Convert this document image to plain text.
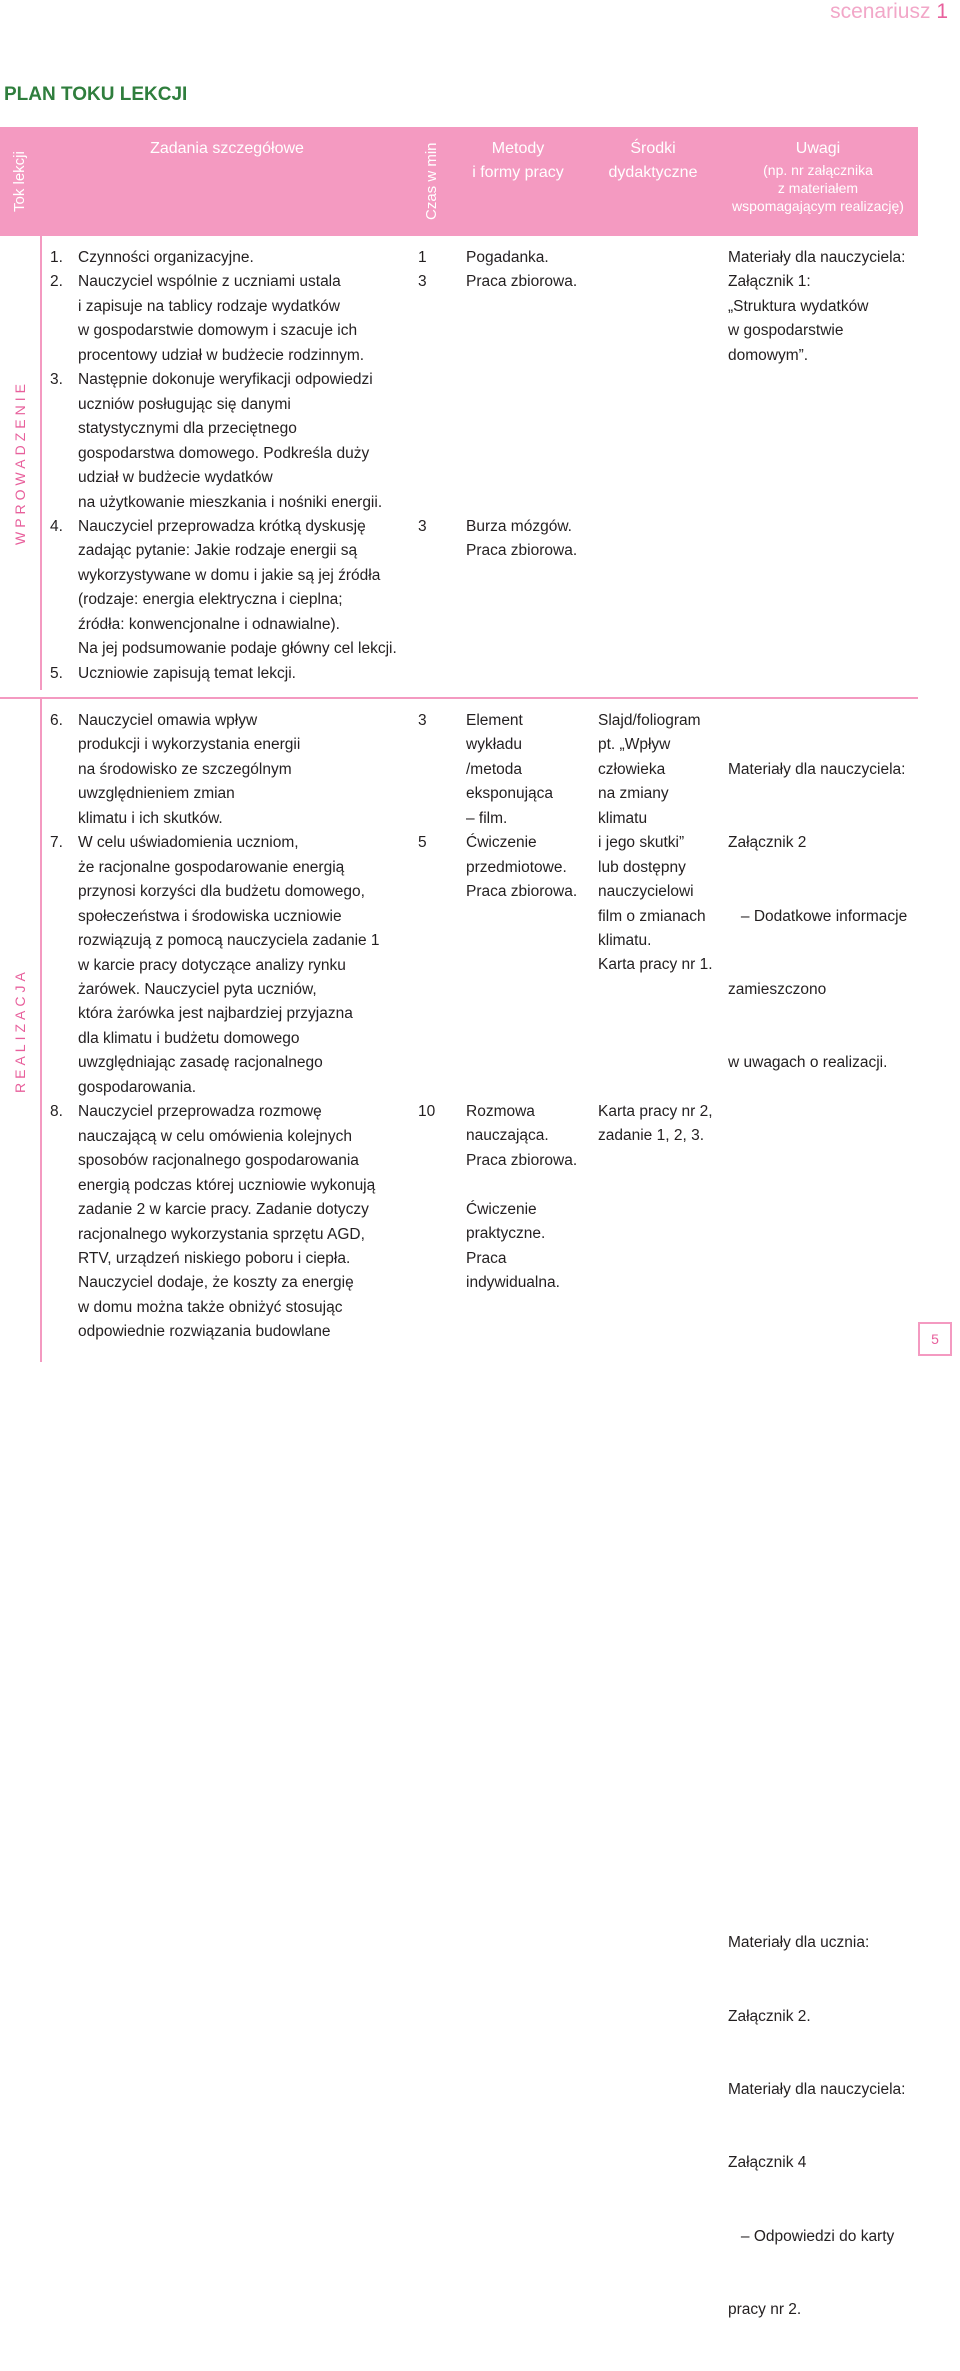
scenariusz 1
PLAN TOKU LEKCJI
Tok lekcji
Zadania szczegółowe	Czas w min	Metody
i formy pracy
Środki
dydaktyczne
Uwagi
(np. nr załącznika
z materiałem
wspomagającym realizację)
WPROWADZENIE
1. Czynności organizacyjne.
2. Nauczyciel wspólnie z uczniami ustala
i zapisuje na tablicy rodzaje wydatków
w gospodarstwie domowym i szacuje ich
procentowy udział w budżecie rodzinnym.
3. Następnie dokonuje weryfikacji odpowiedzi
uczniów posługując się danymi
statystycznymi dla przeciętnego
gospodarstwa domowego. Podkreśla duży
udział w budżecie wydatków
na użytkowanie mieszkania i nośniki energii.
4. Nauczyciel przeprowadza krótką dyskusję
zadając pytanie: Jakie rodzaje energii są
wykorzystywane w domu i jakie są jej źródła
(rodzaje: energia elektryczna i cieplna;
źródła: konwencjonalne i odnawialne).
Na jej podsumowanie podaje główny cel lekcji.
5. Uczniowie zapisują temat lekcji.
1
3
3
Pogadanka.
Praca zbiorowa.
Burza mózgów.
Praca zbiorowa.
Materiały dla nauczyciela:
Załącznik 1:
„Struktura wydatków
w gospodarstwie
domowym”.
REALIZACJA
6. Nauczyciel omawia wpływ
produkcji i wykorzystania energii
na środowisko ze szczególnym
uwzględnieniem zmian
klimatu i ich skutków.
7. W celu uświadomienia uczniom,
że racjonalne gospodarowanie energią
przynosi korzyści dla budżetu domowego,
społeczeństwa i środowiska uczniowie
rozwiązują z pomocą nauczyciela zadanie 1
w karcie pracy dotyczące analizy rynku
żarówek. Nauczyciel pyta uczniów,
która żarówka jest najbardziej przyjazna
dla klimatu i budżetu domowego
uwzględniając zasadę racjonalnego
gospodarowania.
8. Nauczyciel przeprowadza rozmowę
nauczającą w celu omówienia kolejnych
sposobów racjonalnego gospodarowania
energią podczas której uczniowie wykonują
zadanie 2 w karcie pracy. Zadanie dotyczy
racjonalnego wykorzystania sprzętu AGD,
RTV, urządzeń niskiego poboru i ciepła.
Nauczyciel dodaje, że koszty za energię
w domu można także obniżyć stosując
odpowiednie rozwiązania budowlane
3
5
10
Element
wykładu
/metoda
eksponująca
– film.
Ćwiczenie
przedmiotowe.
Praca zbiorowa.
Rozmowa
nauczająca.
Praca zbiorowa.
Ćwiczenie
praktyczne.
Praca
indywidualna.
Slajd/foliogram
pt. „Wpływ
człowieka
na zmiany
klimatu
i jego skutki”
lub dostępny
nauczycielowi
film o zmianach
klimatu.
Karta pracy nr 1.
Karta pracy nr 2,
zadanie 1, 2, 3.

Materiały dla nauczyciela:

Załącznik 2

– Dodatkowe informacje

zamieszczono

w uwagach o realizacji.

Materiały dla ucznia:

Załącznik 2.

Materiały dla nauczyciela:

Załącznik 4

– Odpowiedzi do karty

pracy nr 2.

5
